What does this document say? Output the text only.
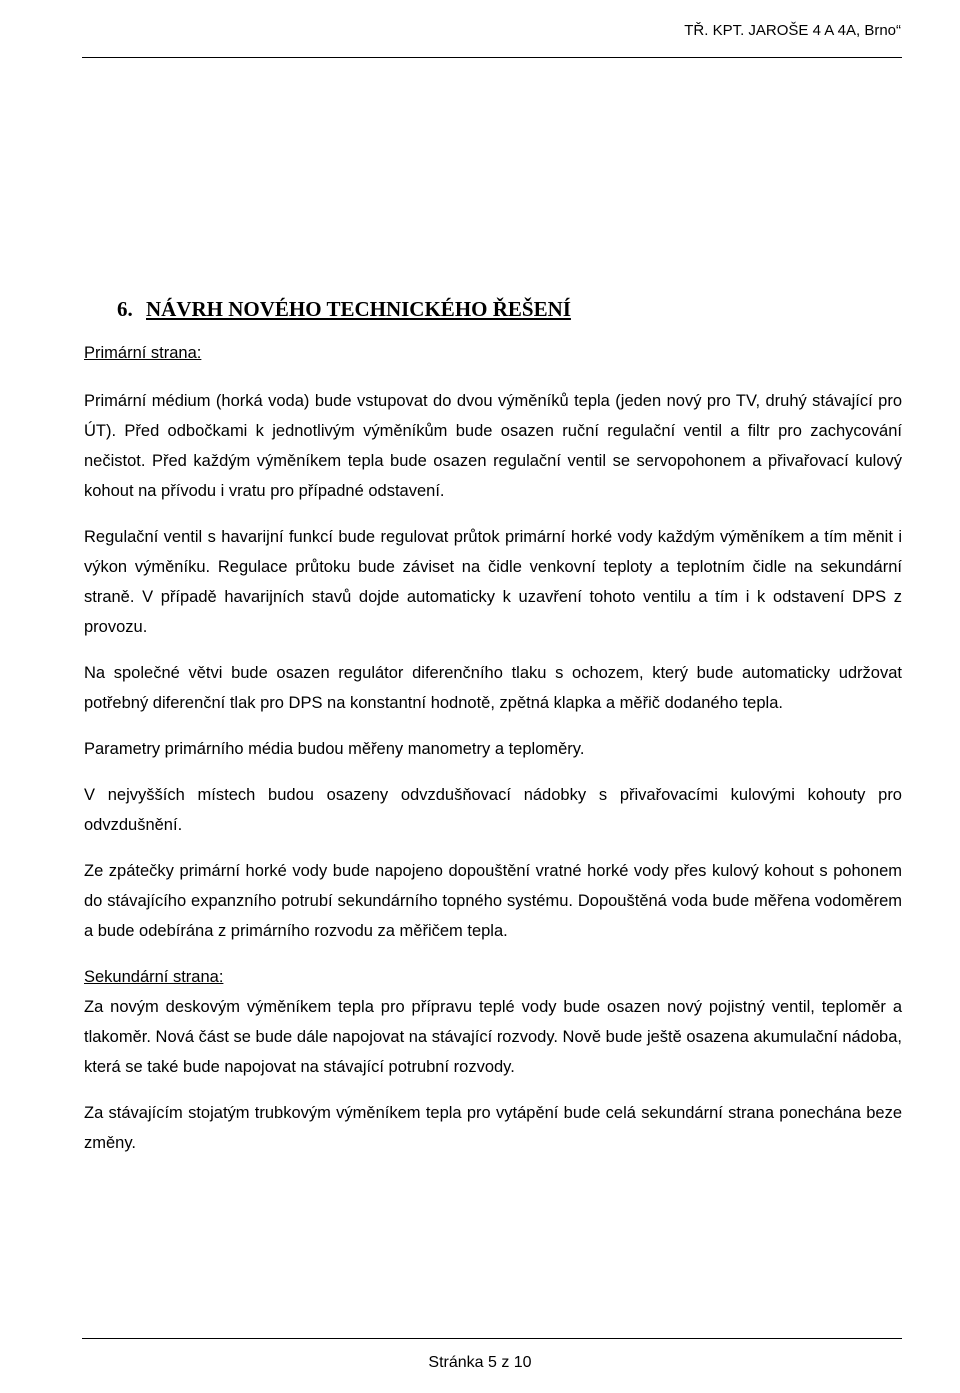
TŘ. KPT. JAROŠE 4 A 4A, Brno“
6. NÁVRH NOVÉHO TECHNICKÉHO ŘEŠENÍ
Primární strana:

Primární médium (horká voda) bude vstupovat do dvou výměníků tepla (jeden nový pro TV, druhý stávající pro ÚT). Před odbočkami k jednotlivým výměníkům bude osazen ruční regulační ventil a filtr pro zachycování nečistot. Před každým výměníkem tepla bude osazen regulační ventil se servopohonem a přivařovací kulový kohout na přívodu i vratu pro případné odstavení.

Regulační ventil s havarijní funkcí bude regulovat průtok primární horké vody každým výměníkem a tím měnit i výkon výměníku. Regulace průtoku bude záviset na čidle venkovní teploty a teplotním čidle na sekundární straně. V případě havarijních stavů dojde automaticky k uzavření tohoto ventilu a tím i k odstavení DPS z provozu.

Na společné větvi bude osazen regulátor diferenčního tlaku s ochozem, který bude automaticky udržovat potřebný diferenční tlak pro DPS na konstantní hodnotě, zpětná klapka a měřič dodaného tepla.

Parametry primárního média budou měřeny manometry a teploměry.

V nejvyšších místech budou osazeny odvzdušňovací nádobky s přivařovacími kulovými kohouty pro odvzdušnění.

Ze zpátečky primární horké vody bude napojeno dopouštění vratné horké vody přes kulový kohout s pohonem do stávajícího expanzního potrubí sekundárního topného systému. Dopouštěná voda bude měřena vodoměrem a bude odebírána z primárního rozvodu za měřičem tepla.

Sekundární strana:

Za novým deskovým výměníkem tepla pro přípravu teplé vody bude osazen nový pojistný ventil, teploměr a tlakoměr. Nová část se bude dále napojovat na stávající rozvody. Nově bude ještě osazena akumulační nádoba, která se také bude napojovat na stávající potrubní rozvody.

Za stávajícím stojatým trubkovým výměníkem tepla pro vytápění bude celá sekundární strana ponechána beze změny.

Stránka 5 z 10
